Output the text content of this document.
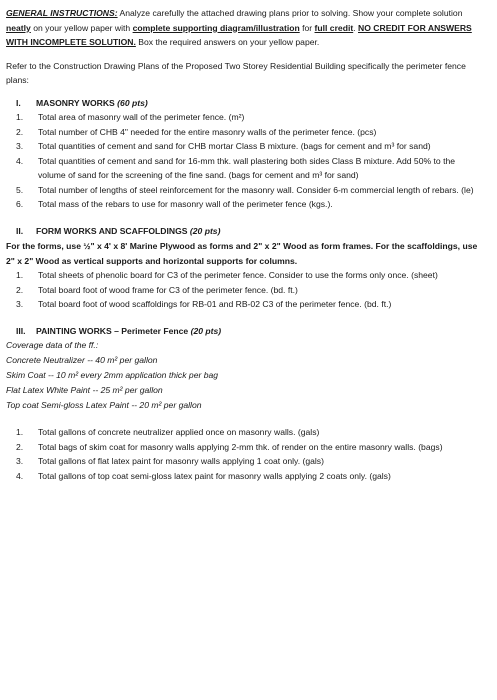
GENERAL INSTRUCTIONS: Analyze carefully the attached drawing plans prior to solving. Show your complete solution neatly on your yellow paper with complete supporting diagram/illustration for full credit. NO CREDIT FOR ANSWERS WITH INCOMPLETE SOLUTION. Box the required answers on your yellow paper.

Refer to the Construction Drawing Plans of the Proposed Two Storey Residential Building specifically the perimeter fence plans:

I.	MASONRY WORKS (60 pts)
1.	Total area of masonry wall of the perimeter fence. (m²)
2.	Total number of CHB 4" needed for the entire masonry walls of the perimeter fence. (pcs)
3.	Total quantities of cement and sand for CHB mortar Class B mixture. (bags for cement and m³ for sand)
4.	Total quantities of cement and sand for 16-mm thk. wall plastering both sides Class B mixture. Add 50% to the volume of sand for the screening of the fine sand. (bags for cement and m³ for sand)
5.	Total number of lengths of steel reinforcement for the masonry wall. Consider 6-m commercial length of rebars. (le)
6.	Total mass of the rebars to use for masonry wall of the perimeter fence (kgs.).
II.	FORM WORKS AND SCAFFOLDINGS (20 pts)

For the forms, use ½" x 4' x 8' Marine Plywood as forms and 2" x 2" Wood as form frames. For the scaffoldings, use 2" x 2" Wood as vertical supports and horizontal supports for columns.

1.	Total sheets of phenolic board for C3 of the perimeter fence. Consider to use the forms only once. (sheet)
2.	Total board foot of wood frame for C3 of the perimeter fence. (bd. ft.)
3.	Total board foot of wood scaffoldings for RB-01 and RB-02 C3 of the perimeter fence. (bd. ft.)
III.	PAINTING WORKS – Perimeter Fence (20 pts)

Coverage data of the ff.:

Concrete Neutralizer -- 40 m² per gallon

Skim Coat -- 10 m² every 2mm application thick per bag

Flat Latex White Paint -- 25 m² per gallon

Top coat Semi-gloss Latex Paint -- 20 m² per gallon

1.	Total gallons of concrete neutralizer applied once on masonry walls. (gals)
2.	Total bags of skim coat for masonry walls applying 2-mm thk. of render on the entire masonry walls. (bags)
3.	Total gallons of flat latex paint for masonry walls applying 1 coat only. (gals)
4.	Total gallons of top coat semi-gloss latex paint for masonry walls applying 2 coats only. (gals)
